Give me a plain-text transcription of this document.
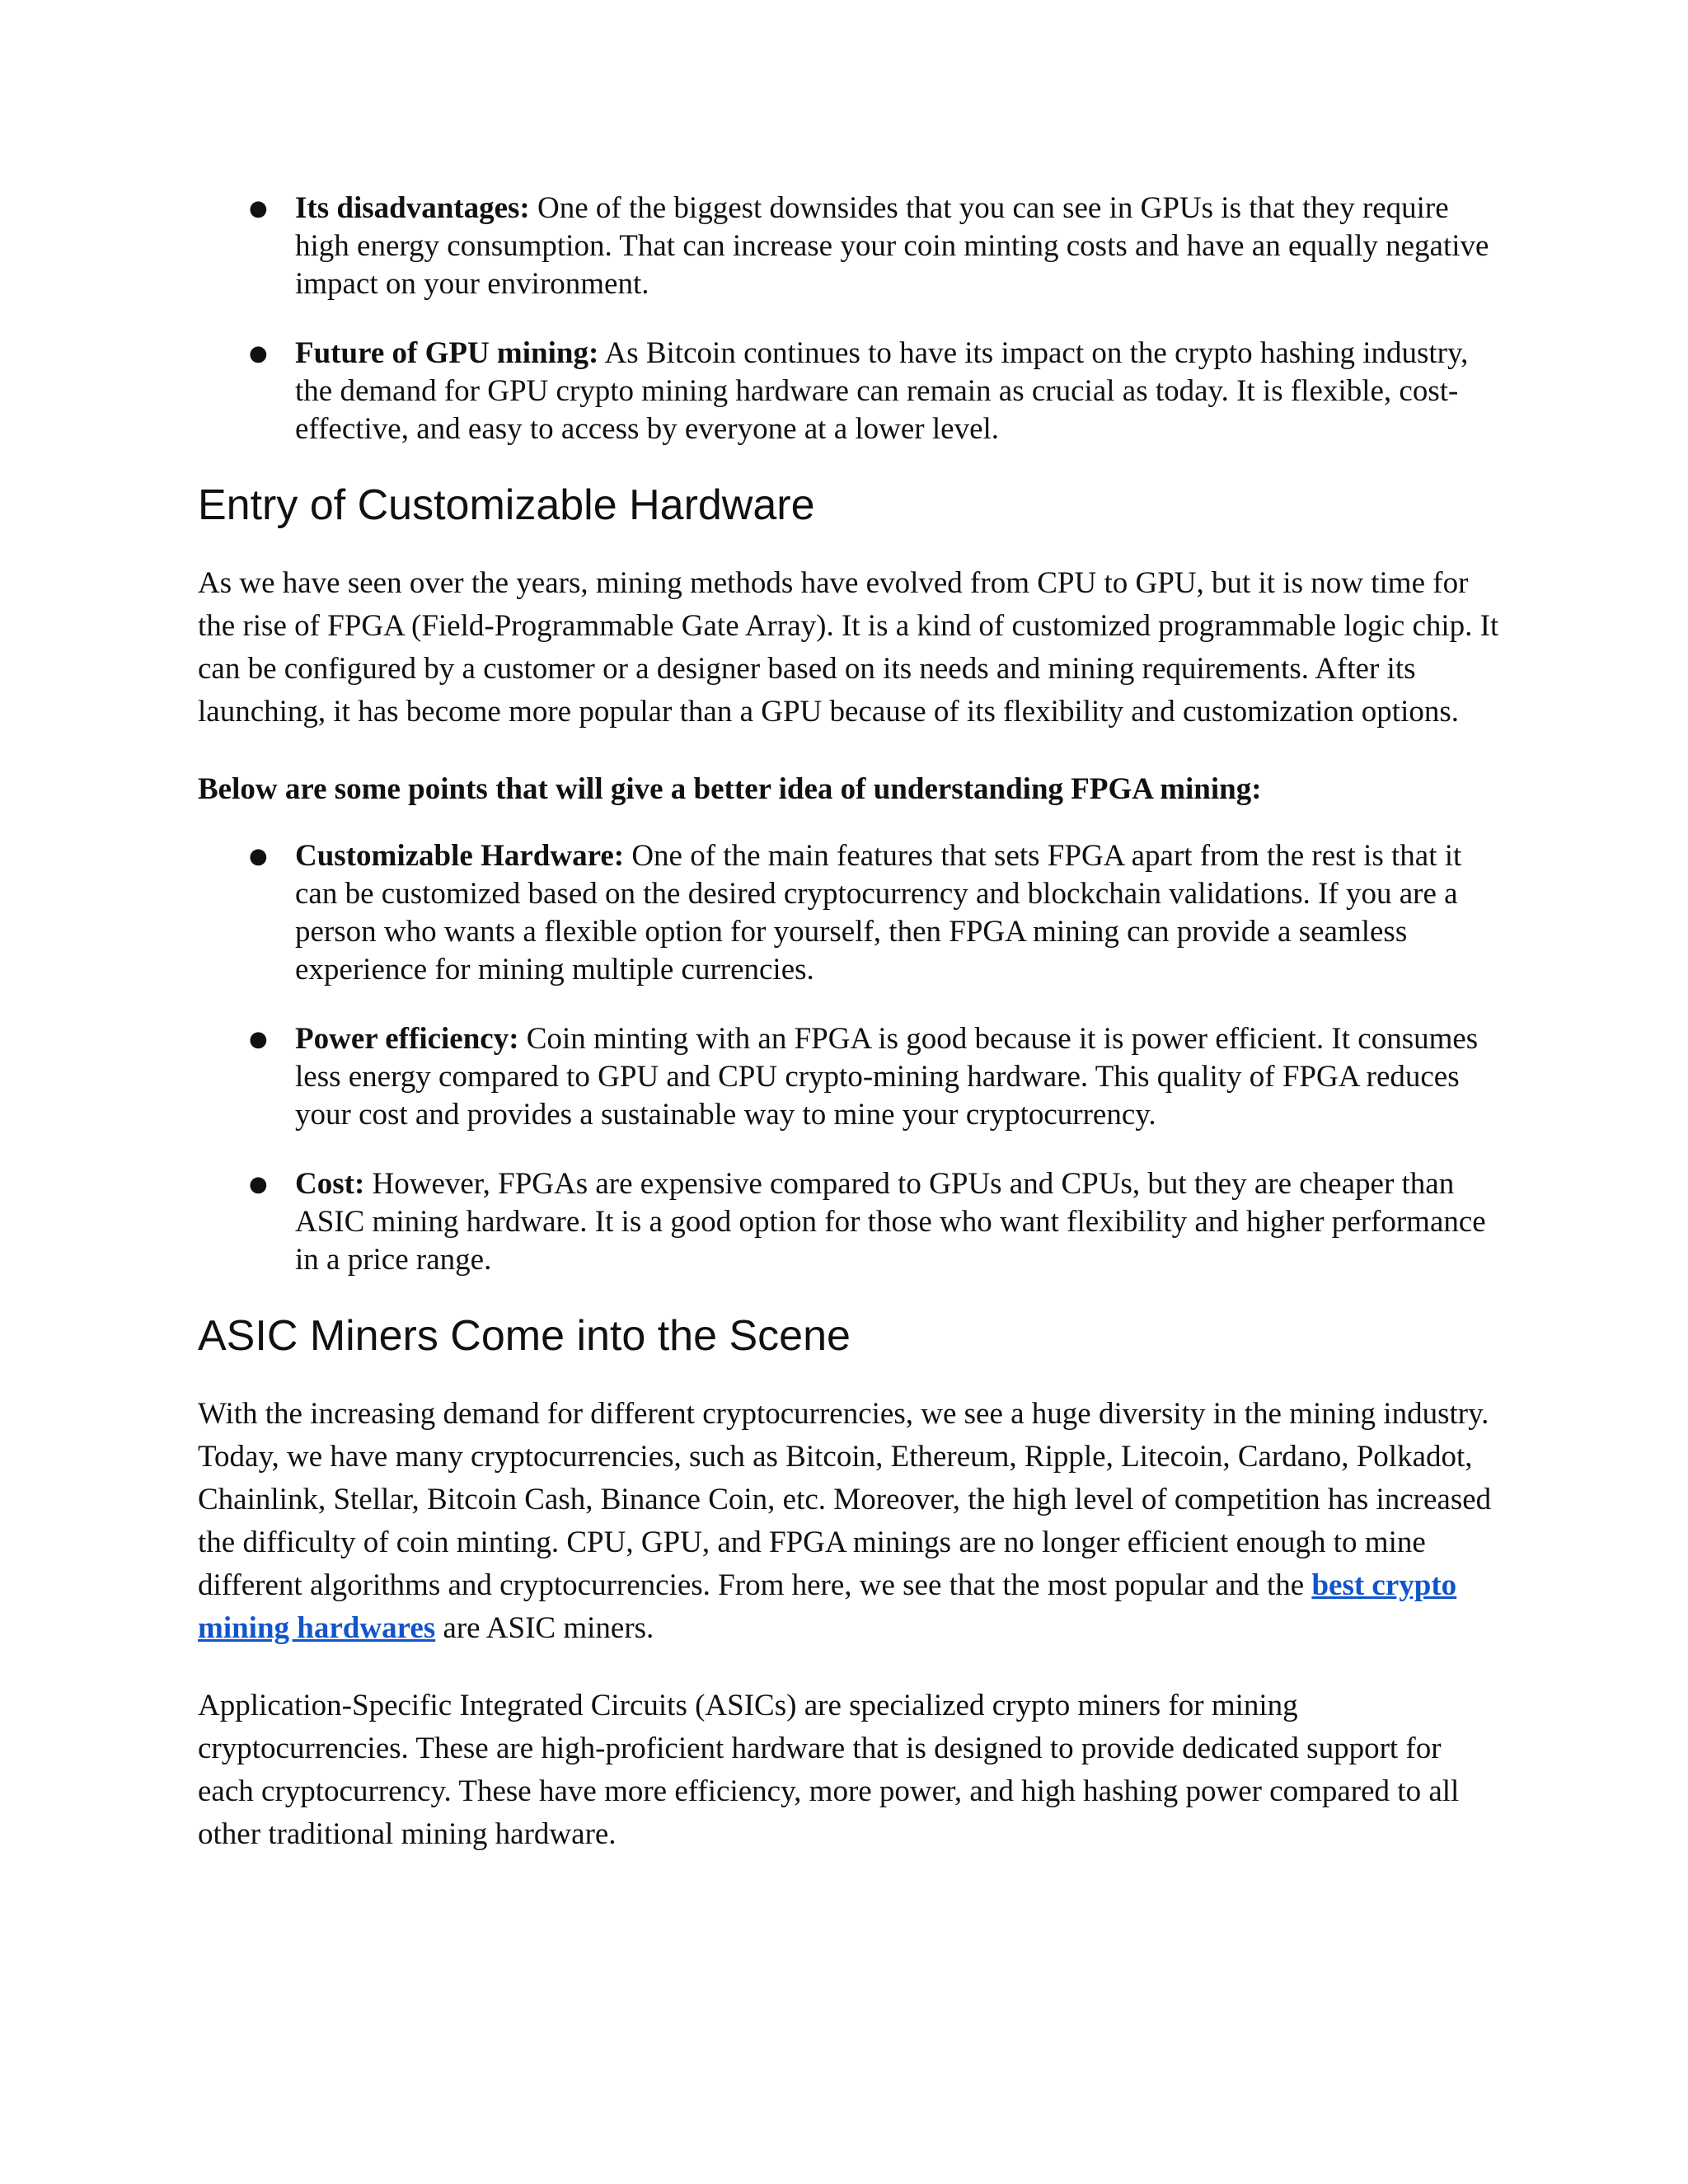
● Its disadvantages: One of the biggest downsides that you can see in GPUs is that they require high energy consumption. That can increase your coin minting costs and have an equally negative impact on your environment.
● Future of GPU mining: As Bitcoin continues to have its impact on the crypto hashing industry, the demand for GPU crypto mining hardware can remain as crucial as today. It is flexible, cost-effective, and easy to access by everyone at a lower level.
Entry of Customizable Hardware

As we have seen over the years, mining methods have evolved from CPU to GPU, but it is now time for the rise of FPGA (Field-Programmable Gate Array). It is a kind of customized programmable logic chip. It can be configured by a customer or a designer based on its needs and mining requirements. After its launching, it has become more popular than a GPU because of its flexibility and customization options.

Below are some points that will give a better idea of understanding FPGA mining:

● Customizable Hardware: One of the main features that sets FPGA apart from the rest is that it can be customized based on the desired cryptocurrency and blockchain validations. If you are a person who wants a flexible option for yourself, then FPGA mining can provide a seamless experience for mining multiple currencies.
● Power efficiency: Coin minting with an FPGA is good because it is power efficient. It consumes less energy compared to GPU and CPU crypto-mining hardware. This quality of FPGA reduces your cost and provides a sustainable way to mine your cryptocurrency.
● Cost: However, FPGAs are expensive compared to GPUs and CPUs, but they are cheaper than ASIC mining hardware. It is a good option for those who want flexibility and higher performance in a price range.
ASIC Miners Come into the Scene

With the increasing demand for different cryptocurrencies, we see a huge diversity in the mining industry. Today, we have many cryptocurrencies, such as Bitcoin, Ethereum, Ripple, Litecoin, Cardano, Polkadot, Chainlink, Stellar, Bitcoin Cash, Binance Coin, etc. Moreover, the high level of competition has increased the difficulty of coin minting. CPU, GPU, and FPGA minings are no longer efficient enough to mine different algorithms and cryptocurrencies. From here, we see that the most popular and the best crypto mining hardwares are ASIC miners.

Application-Specific Integrated Circuits (ASICs) are specialized crypto miners for mining cryptocurrencies. These are high-proficient hardware that is designed to provide dedicated support for each cryptocurrency. These have more efficiency, more power, and high hashing power compared to all other traditional mining hardware.
